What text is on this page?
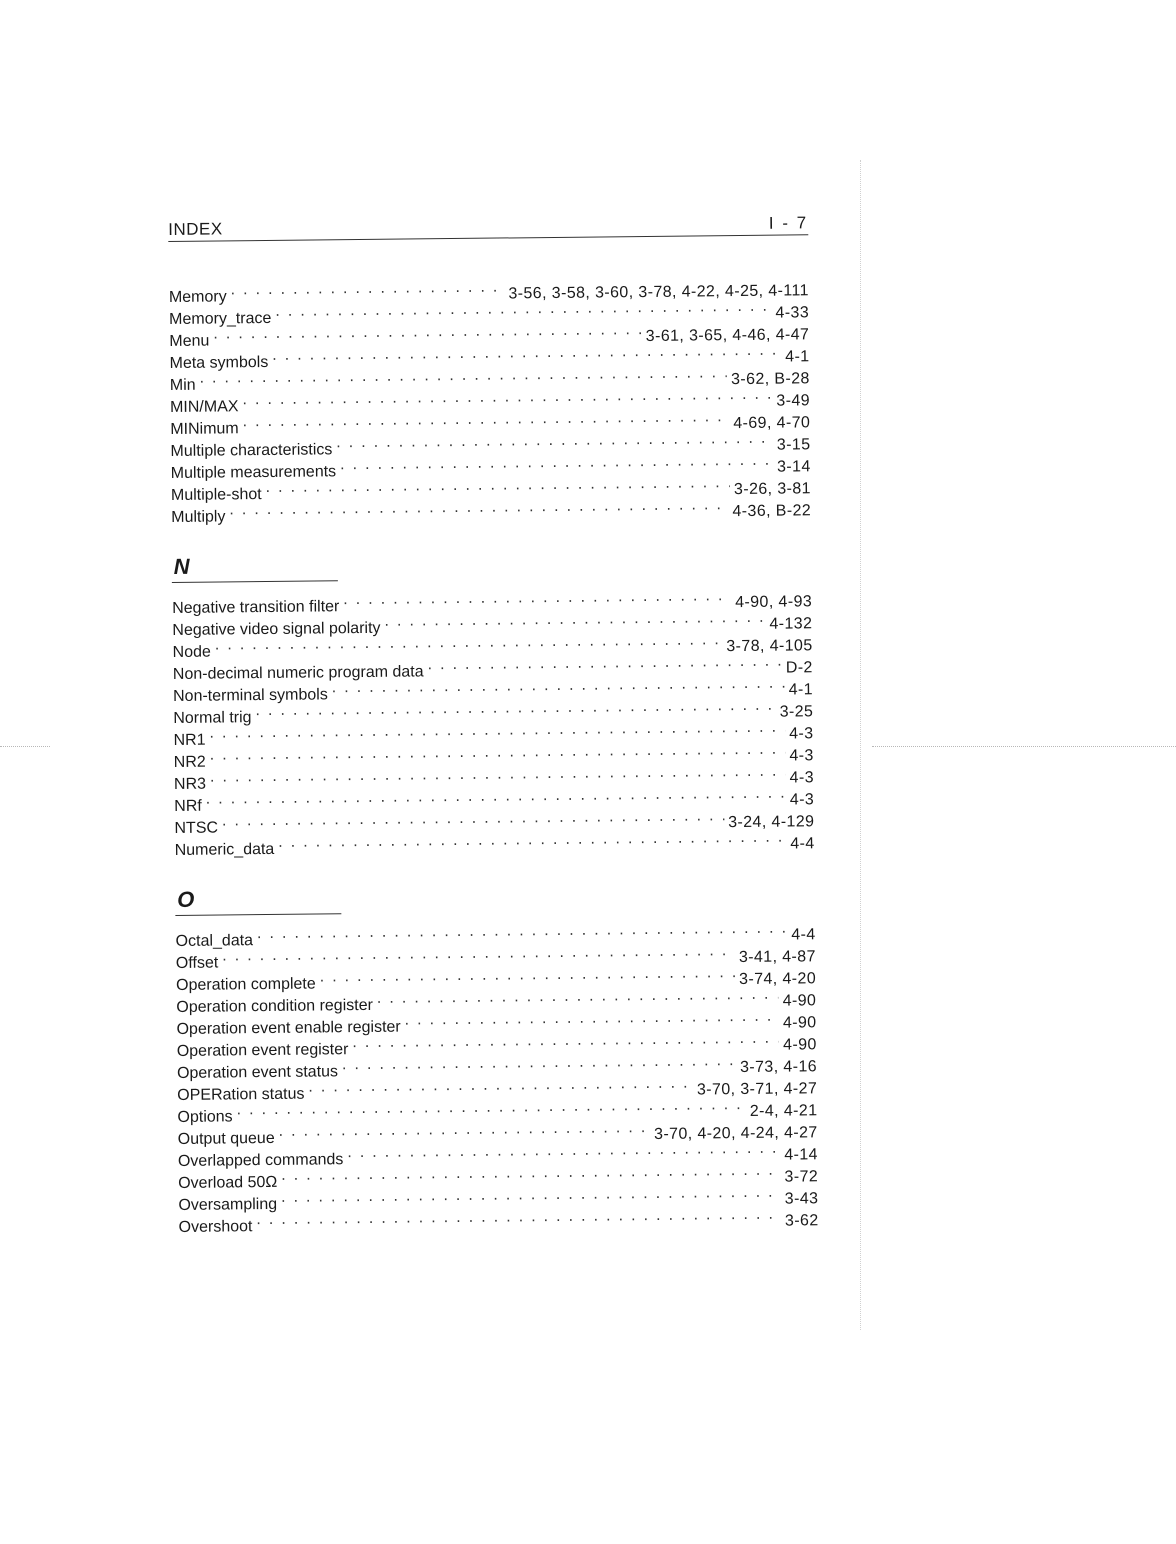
INDEX	I - 7
Memory . . .	3-56, 3-58, 3-60, 3-78, 4-22, 4-25, 4-111
Memory_trace . . .	4-33
Menu . . .	3-61, 3-65, 4-46, 4-47
Meta symbols . . .	4-1
Min . . .	3-62, B-28
MIN/MAX . . .	3-49
MINimum . . .	4-69, 4-70
Multiple characteristics . . .	3-15
Multiple measurements . . .	3-14
Multiple-shot . . .	3-26, 3-81
Multiply . . .	4-36, B-22
N
Negative transition filter . . .	4-90, 4-93
Negative video signal polarity . . .	4-132
Node . . .	3-78, 4-105
Non-decimal numeric program data . . .	D-2
Non-terminal symbols . . .	4-1
Normal trig . . .	3-25
NR1 . . .	4-3
NR2 . . .	4-3
NR3 . . .	4-3
NRf . . .	4-3
NTSC . . .	3-24, 4-129
Numeric_data . . .	4-4
O
Octal_data . . .	4-4
Offset . . .	3-41, 4-87
Operation complete . . .	3-74, 4-20
Operation condition register . . .	4-90
Operation event enable register . . .	4-90
Operation event register . . .	4-90
Operation event status . . .	3-73, 4-16
OPERation status . . .	3-70, 3-71, 4-27
Options . . .	2-4, 4-21
Output queue . . .	3-70, 4-20, 4-24, 4-27
Overlapped commands . . .	4-14
Overload 50Ω . . .	3-72
Oversampling . . .	3-43
Overshoot . . .	3-62
